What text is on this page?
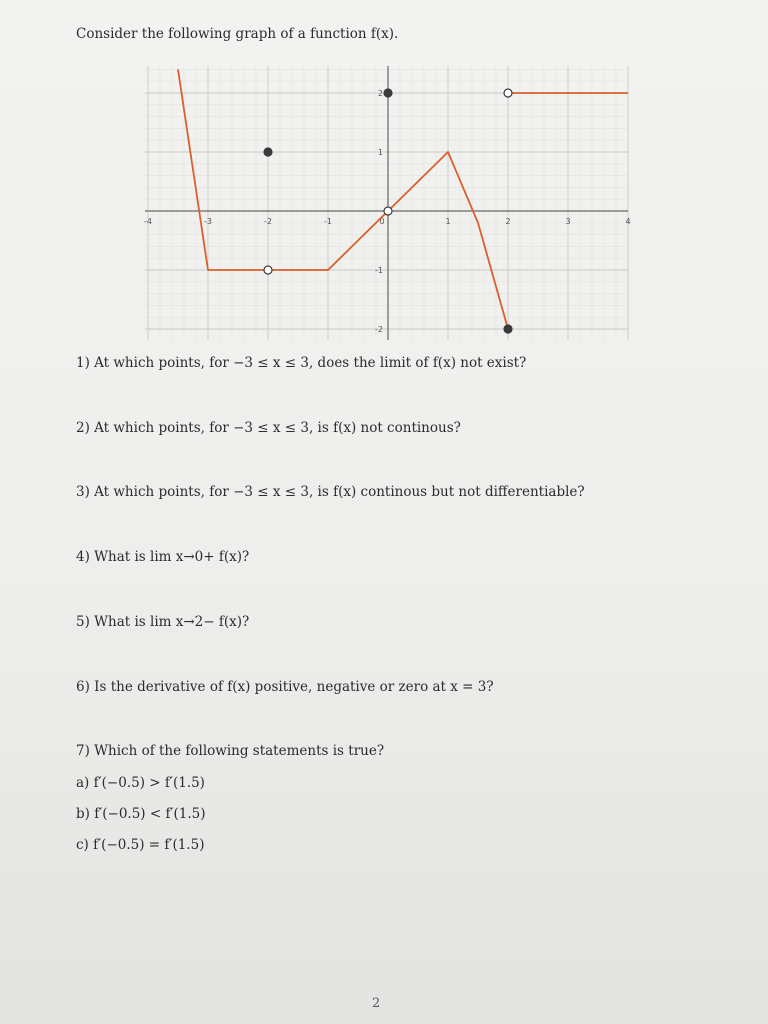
Consider the following graph of a function f(x).

-4	-3	-2	-1	0	1	2	3	4
-2
-1
1
2

1) At which points, for −3 ≤ x ≤ 3, does the limit of f(x) not exist?

2) At which points, for −3 ≤ x ≤ 3, is f(x) not continous?

3) At which points, for −3 ≤ x ≤ 3, is f(x) continous but not differentiable?

4) What is lim x→0+ f(x)?

5) What is lim x→2− f(x)?

6) Is the derivative of f(x) positive, negative or zero at x = 3?

7) Which of the following statements is true?

a) f′(−0.5) > f′(1.5)

b) f′(−0.5) < f′(1.5)

c) f′(−0.5) = f′(1.5)

2
